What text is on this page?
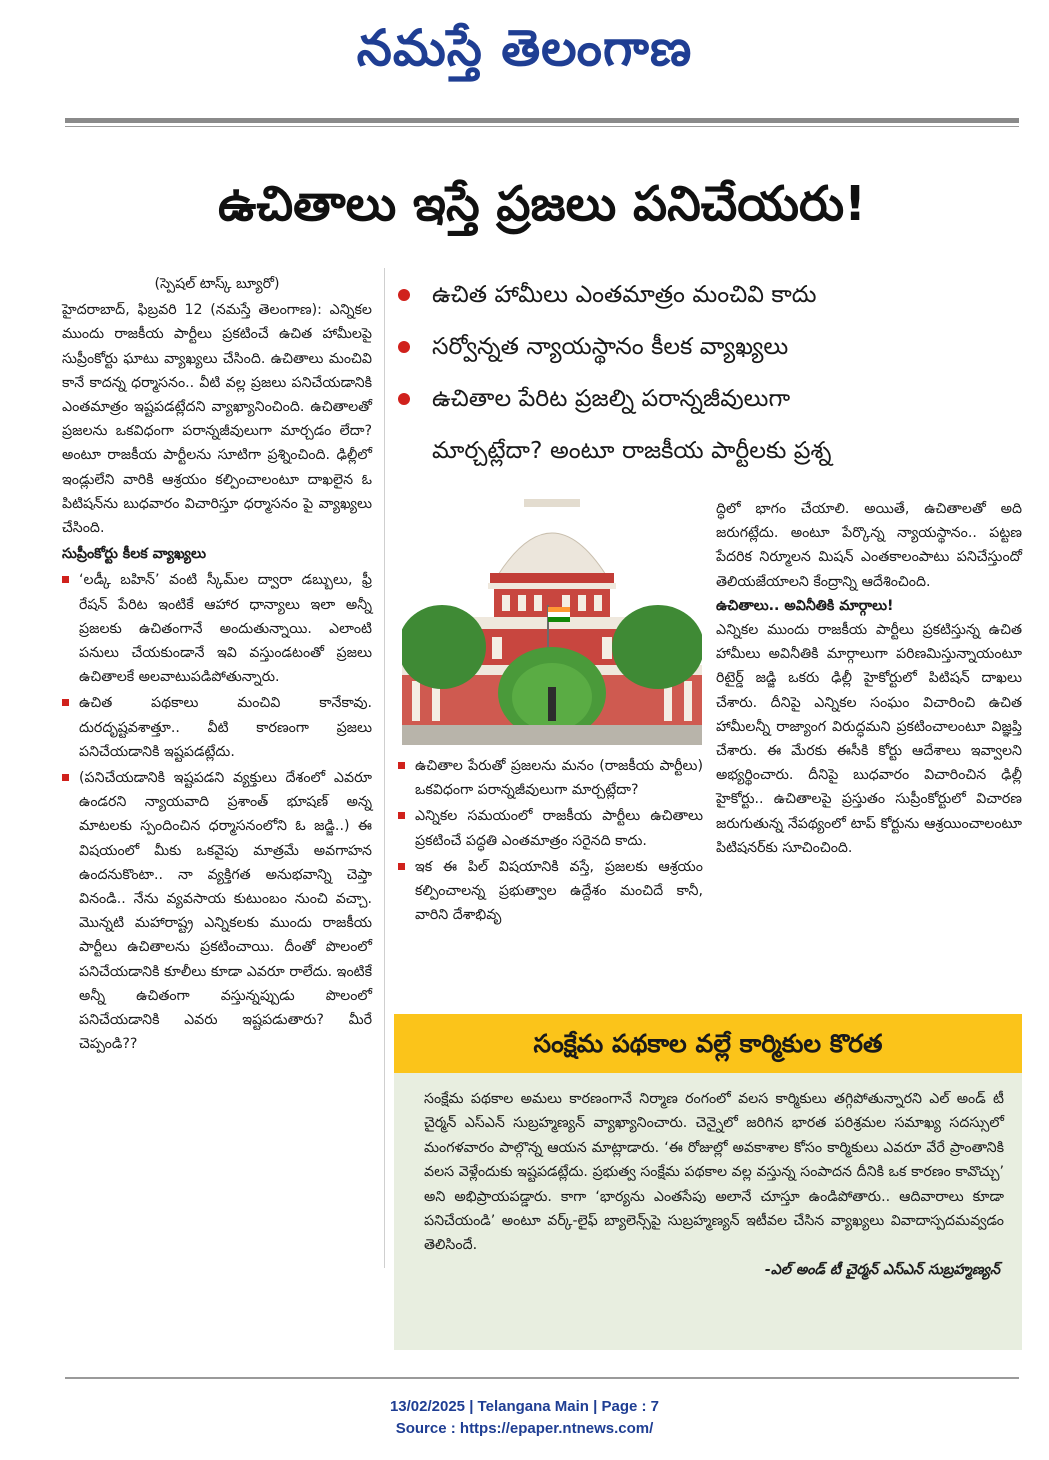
నమస్తే తెలంగాణ
ఉచితాలు ఇస్తే ప్రజలు పనిచేయరు!

(స్పెషల్ టాస్క్ బ్యూరో)

హైదరాబాద్, ఫిబ్రవరి 12 (నమస్తే తెలంగాణ): ఎన్నికల ముందు రాజకీయ పార్టీలు ప్రకటించే ఉచిత హామీలపై సుప్రీంకోర్టు ఘాటు వ్యాఖ్యలు చేసింది. ఉచితాలు మంచివి కానే కాదన్న ధర్మాసనం.. వీటి వల్ల ప్రజలు పనిచేయడానికి ఎంతమాత్రం ఇష్టపడట్లేదని వ్యాఖ్యానించింది. ఉచితాలతో ప్రజలను ఒకవిధంగా పరాన్నజీవులుగా మార్చడం లేదా? అంటూ రాజకీయ పార్టీలను సూటిగా ప్రశ్నించింది. ఢిల్లీలో ఇండ్లులేని వారికి ఆశ్రయం కల్పించాలంటూ దాఖలైన ఓ పిటిషన్‌ను బుధవారం విచారిస్తూ ధర్మాసనం పై వ్యాఖ్యలు చేసింది.

సుప్రీంకోర్టు కీలక వ్యాఖ్యలు

‘లడ్కీ బహిన్’ వంటి స్కీమ్‌ల ద్వారా డబ్బులు, ఫ్రీ రేషన్ పేరిట ఇంటికే ఆహార ధాన్యాలు ఇలా అన్నీ ప్రజలకు ఉచితంగానే అందుతున్నాయి. ఎలాంటి పనులు చేయకుండానే ఇవి వస్తుండటంతో ప్రజలు ఉచితాలకే అలవాటుపడిపోతున్నారు.
ఉచిత పథకాలు మంచివి కానేకావు. దురదృష్టవశాత్తూ.. వీటి కారణంగా ప్రజలు పనిచేయడానికి ఇష్టపడట్లేదు.
(పనిచేయడానికి ఇష్టపడని వ్యక్తులు దేశంలో ఎవరూ ఉండరని న్యాయవాది ప్రశాంత్ భూషణ్ అన్న మాటలకు స్పందించిన ధర్మాసనంలోని ఓ జడ్జి..) ఈ విషయంలో మీకు ఒకవైపు మాత్రమే అవగాహన ఉందనుకొంటా.. నా వ్యక్తిగత అనుభవాన్ని చెప్తా వినండి.. నేను వ్యవసాయ కుటుంబం నుంచి వచ్చా. మొన్నటి మహారాష్ట్ర ఎన్నికలకు ముందు రాజకీయ పార్టీలు ఉచితాలను ప్రకటించాయి. దీంతో పొలంలో పనిచేయడానికి కూలీలు కూడా ఎవరూ రాలేదు. ఇంటికే అన్నీ ఉచితంగా వస్తున్నప్పుడు పొలంలో పనిచేయడానికి ఎవరు ఇష్టపడుతారు? మీరే చెప్పండి??
ఉచిత హామీలు ఎంతమాత్రం మంచివి కాదు
సర్వోన్నత న్యాయస్థానం కీలక వ్యాఖ్యలు
ఉచితాల పేరిట ప్రజల్ని పరాన్నజీవులుగా
మార్చట్లేదా? అంటూ రాజకీయ పార్టీలకు ప్రశ్న
ఉచితాల పేరుతో ప్రజలను మనం (రాజకీయ పార్టీలు) ఒకవిధంగా పరాన్నజీవులుగా మార్చట్లేదా?
ఎన్నికల సమయంలో రాజకీయ పార్టీలు ఉచితాలు ప్రకటించే పద్ధతి ఎంతమాత్రం సరైనది కాదు.
ఇక ఈ పిల్ విషయానికి వస్తే, ప్రజలకు ఆశ్రయం కల్పించాలన్న ప్రభుత్వాల ఉద్దేశం మంచిదే కానీ, వారిని దేశాభివృ

ద్ధిలో భాగం చేయాలి. అయితే, ఉచితాలతో అది జరుగట్లేదు. అంటూ పేర్కొన్న న్యాయస్థానం.. పట్టణ పేదరిక నిర్మూలన మిషన్ ఎంతకాలంపాటు పనిచేస్తుందో తెలియజేయాలని కేంద్రాన్ని ఆదేశించింది.

ఉచితాలు.. అవినీతికి మార్గాలు!

ఎన్నికల ముందు రాజకీయ పార్టీలు ప్రకటిస్తున్న ఉచిత హామీలు అవినీతికి మార్గాలుగా పరిణమిస్తున్నాయంటూ రిటైర్డ్ జడ్జి ఒకరు ఢిల్లీ హైకోర్టులో పిటిషన్ దాఖలు చేశారు. దీనిపై ఎన్నికల సంఘం విచారించి ఉచిత హామీలన్నీ రాజ్యాంగ విరుద్ధమని ప్రకటించాలంటూ విజ్ఞప్తి చేశారు. ఈ మేరకు ఈసీకి కోర్టు ఆదేశాలు ఇవ్వాలని అభ్యర్థించారు. దీనిపై బుధవారం విచారించిన ఢిల్లీ హైకోర్టు.. ఉచితాలపై ప్రస్తుతం సుప్రీంకోర్టులో విచారణ జరుగుతున్న నేపథ్యంలో టాప్ కోర్టును ఆశ్రయించాలంటూ పిటిషనర్‌కు సూచించింది.

సంక్షేమ పథకాల వల్లే కార్మికుల కొరత
సంక్షేమ పథకాల అమలు కారణంగానే నిర్మాణ రంగంలో వలస కార్మికులు తగ్గిపోతున్నారని ఎల్ అండ్ టీ చైర్మన్ ఎస్ఎన్ సుబ్రహ్మణ్యన్ వ్యాఖ్యానించారు. చెన్నైలో జరిగిన భారత పరిశ్రమల సమాఖ్య సదస్సులో మంగళవారం పాల్గొన్న ఆయన మాట్లాడారు. ‘ఈ రోజుల్లో అవకాశాల కోసం కార్మికులు ఎవరూ వేరే ప్రాంతానికి వలస వెళ్లేందుకు ఇష్టపడట్లేదు. ప్రభుత్వ సంక్షేమ పథకాల వల్ల వస్తున్న సంపాదన దీనికి ఒక కారణం కావొచ్చు’ అని అభిప్రాయపడ్డారు. కాగా ‘భార్యను ఎంతసేపు అలానే చూస్తూ ఉండిపోతారు.. ఆదివారాలు కూడా పనిచేయండి’ అంటూ వర్క్-లైఫ్ బ్యాలెన్స్‌పై సుబ్రహ్మణ్యన్ ఇటీవల చేసిన వ్యాఖ్యలు వివాదాస్పదమవ్వడం తెలిసిందే.
-ఎల్ అండ్ టీ చైర్మన్ ఎస్ఎన్ సుబ్రహ్మణ్యన్
13/02/2025 | Telangana Main | Page : 7
Source : https://epaper.ntnews.com/
